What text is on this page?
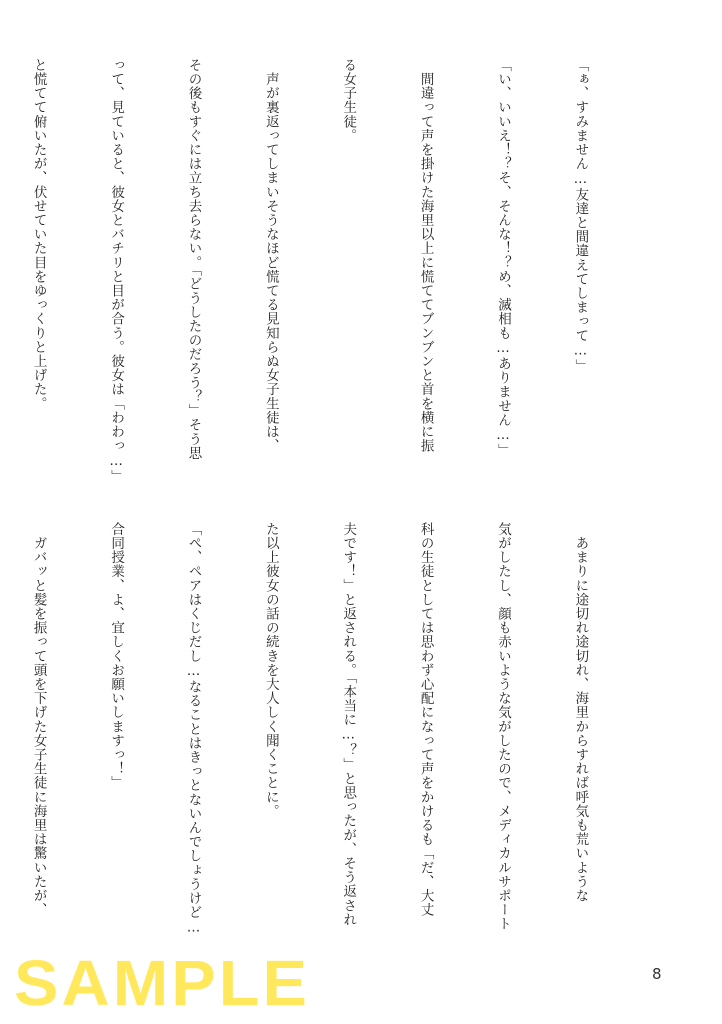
「ぁ、すみません…友達と間違えてしまって…」

「い、いいえ！？そ、そんな！？め、滅相も…ありません…」

　間違って声を掛けた海里以上に慌ててブンブンと首を横に振

る女子生徒。

　声が裏返ってしまいそうなほど慌てる見知らぬ女子生徒は、

その後もすぐには立ち去らない。「どうしたのだろう？」そう思

って、見ていると、彼女とバチリと目が合う。彼女は「わわっ…」

と慌てて俯いたが、伏せていた目をゆっくりと上げた。

　あまりに途切れ途切れ、海里からすれば呼気も荒いような

気がしたし、顔も赤いような気がしたので、メディカルサポート

科の生徒としては思わず心配になって声をかけるも「だ、大丈

夫です！」と返される。「本当に…？」と思ったが、そう返され

た以上彼女の話の続きを大人しく聞くことに。

「ぺ、ペアはくじだし…なることはきっとないんでしょうけど…

合同授業、よ、宜しくお願いしますっ！」

　ガバッと髪を振って頭を下げた女子生徒に海里は驚いたが、

SAMPLE	8
